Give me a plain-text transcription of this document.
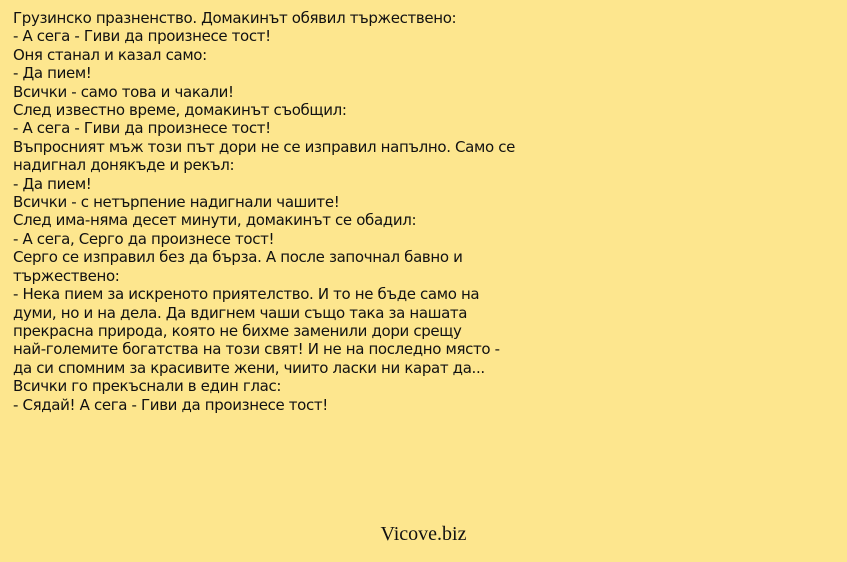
Грузинско празненство. Домакинът обявил тържествено:
- А сега - Гиви да произнесе тост!
Оня станал и казал само:
- Да пием!
Всички - само това и чакали!
След известно време, домакинът съобщил:
- А сега - Гиви да произнесе тост!
Въпросният мъж този път дори не се изправил напълно. Само се
надигнал донякъде и рекъл:
- Да пием!
Всички - с нетърпение надигнали чашите!
След има-няма десет минути, домакинът се обадил:
- А сега, Серго да произнесе тост!
Серго се изправил без да бърза. А после започнал бавно и
тържествено:
- Нека пием за искреното приятелство. И то не бъде само на
думи, но и на дела. Да вдигнем чаши също така за нашата
прекрасна природа, която не бихме заменили дори срещу
най-големите богатства на този свят! И не на последно място -
да си спомним за красивите жени, чиито ласки ни карат да...
Всички го прекъснали в един глас:
- Сядай! А сега - Гиви да произнесе тост!
Vicove.biz
